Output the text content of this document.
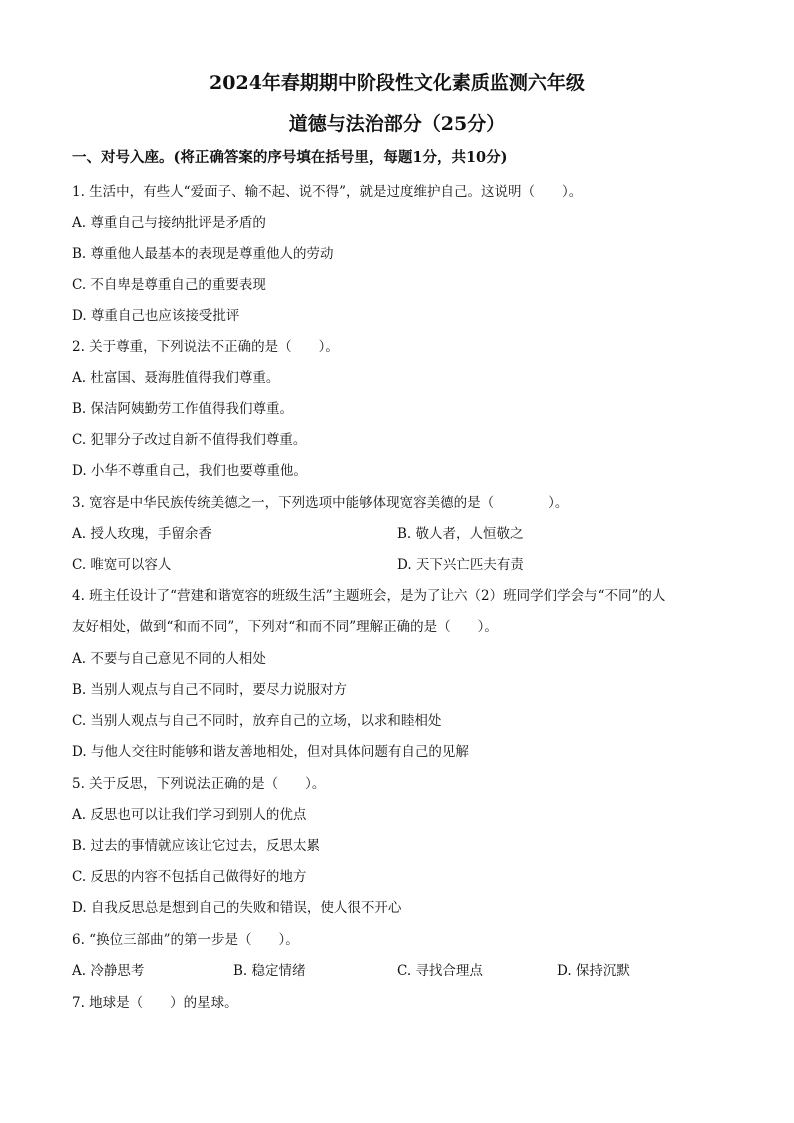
2024年春期期中阶段性文化素质监测六年级
道德与法治部分（25分）
一、对号入座。(将正确答案的序号填在括号里，每题1分，共10分)
1. 生活中，有些人“爱面子、输不起、说不得”，就是过度维护自己。这说明（　　）。
A. 尊重自己与接纳批评是矛盾的
B. 尊重他人最基本的表现是尊重他人的劳动
C. 不自卑是尊重自己的重要表现
D. 尊重自己也应该接受批评
2. 关于尊重，下列说法不正确的是（　　）。
A. 杜富国、聂海胜值得我们尊重。
B. 保洁阿姨勤劳工作值得我们尊重。
C. 犯罪分子改过自新不值得我们尊重。
D. 小华不尊重自己，我们也要尊重他。
3. 宽容是中华民族传统美德之一，下列选项中能够体现宽容美德的是（　　　　）。
A. 授人玫瑰，手留余香	B. 敬人者，人恒敬之
C. 唯宽可以容人	D. 天下兴亡匹夫有责
4. 班主任设计了“营建和谐宽容的班级生活”主题班会，是为了让六（2）班同学们学会与“不同”的人
友好相处，做到“和而不同”，下列对“和而不同”理解正确的是（　　）。
A. 不要与自己意见不同的人相处
B. 当别人观点与自己不同时，要尽力说服对方
C. 当别人观点与自己不同时，放弃自己的立场，以求和睦相处
D. 与他人交往时能够和谐友善地相处，但对具体问题有自己的见解
5. 关于反思，下列说法正确的是（　　）。
A. 反思也可以让我们学习到别人的优点
B. 过去的事情就应该让它过去，反思太累
C. 反思的内容不包括自己做得好的地方
D. 自我反思总是想到自己的失败和错误，使人很不开心
6. “换位三部曲”的第一步是（　　）。
A. 冷静思考	B. 稳定情绪	C. 寻找合理点	D. 保持沉默
7. 地球是（　　）的星球。
